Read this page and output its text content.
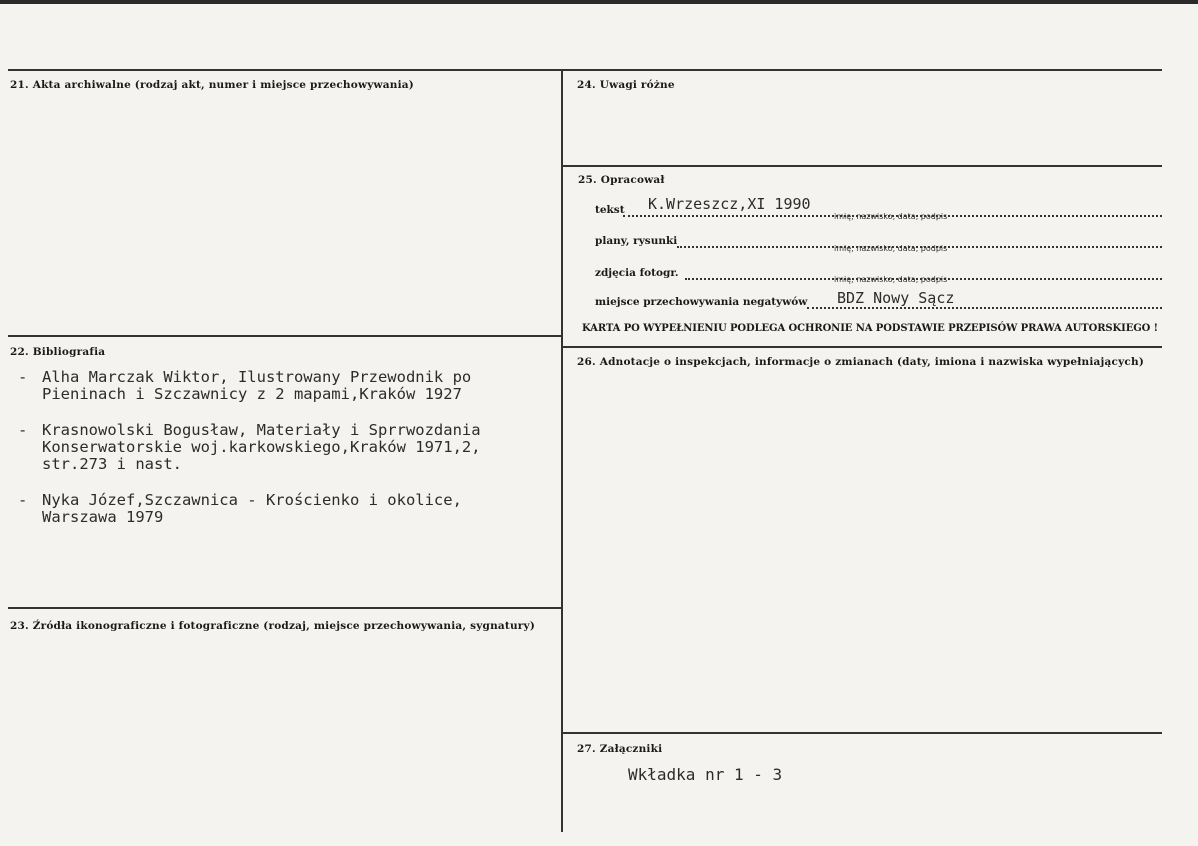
21. Akta archiwalne (rodzaj akt, numer i miejsce przechowywania)	24. Uwagi różne
25. Opracował
tekst K.Wrzeszcz,XI 1990
imię, nazwisko, data, podpis
plany, rysunki
imię, nazwisko, data, podpis
zdjęcia fotogr.
imię, nazwisko, data, podpis
miejsce przechowywania negatywów BDZ Nowy Sącz
KARTA PO WYPEŁNIENIU PODLEGA OCHRONIE NA PODSTAWIE PRZEPISÓW PRAWA AUTORSKIEGO !
22. Bibliografia
- Alha Marczak Wiktor, Ilustrowany Przewodnik po
Pieninach i Szczawnicy z 2 mapami,Kraków 1927
- Krasnowolski Bogusław, Materiały i Sprrwozdania
Konserwatorskie woj.karkowskiego,Kraków 1971,2,
str.273 i nast.
- Nyka Józef,Szczawnica - Krościenko i okolice,
Warszawa 1979
26. Adnotacje o inspekcjach, informacje o zmianach (daty, imiona i nazwiska wypełniających)
23. Źródła ikonograficzne i fotograficzne (rodzaj, miejsce przechowywania, sygnatury)
27. Załączniki
Wkładka nr 1 - 3
